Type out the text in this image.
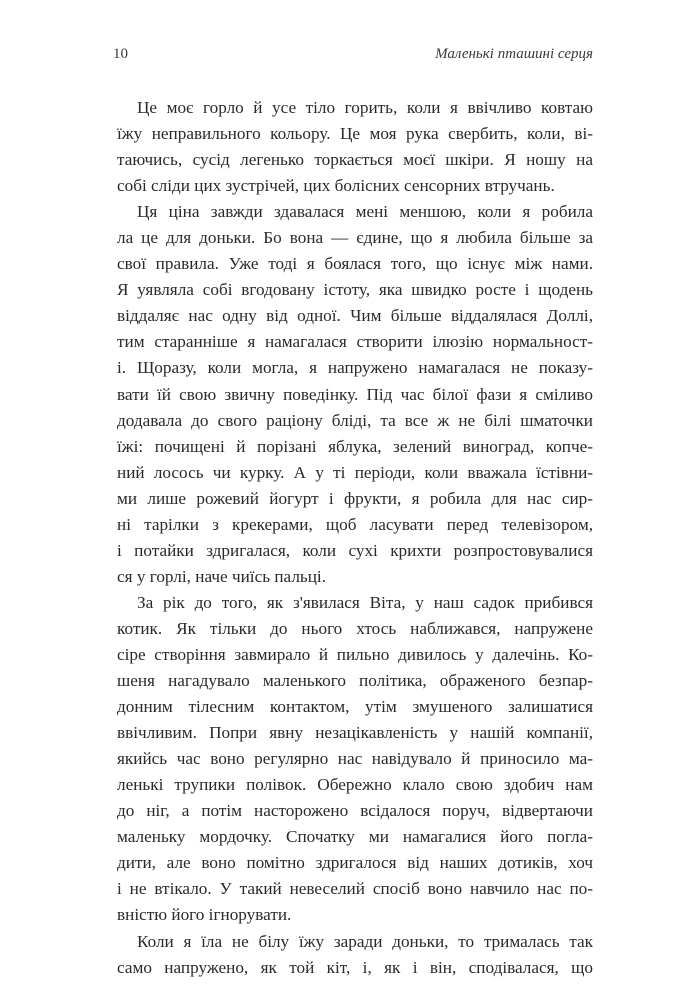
10	Маленькі пташині серця
Це моє горло й усе тіло горить, коли я ввічливо ковтаю
їжу неправильного кольору. Це моя рука свербить, коли, ві-
таючись, сусід легенько торкається моєї шкіри. Я ношу на
собі сліди цих зустрічей, цих болісних сенсорних втручань.
Ця ціна завжди здавалася мені меншою, коли я робила
ла це для доньки. Бо вона — єдине, що я любила більше за
свої правила. Уже тоді я боялася того, що існує між нами.
Я уявляла собі вгодовану істоту, яка швидко росте і щодень
віддаляє нас одну від одної. Чим більше віддалялася Доллі,
тим старанніше я намагалася створити ілюзію нормальност-
і. Щоразу, коли могла, я напружено намагалася не показу-
вати їй свою звичну поведінку. Під час білої фази я сміливо
додавала до свого раціону бліді, та все ж не білі шматочки
їжі: почищені й порізані яблука, зелений виноград, копче-
ний лосось чи курку. А у ті періоди, коли вважала їстівни-
ми лише рожевий йогурт і фрукти, я робила для нас сир-
ні тарілки з крекерами, щоб ласувати перед телевізором,
і потайки здригалася, коли сухі крихти розпростовувалися
ся у горлі, наче чиїсь пальці.
За рік до того, як з'явилася Віта, у наш садок прибився
котик. Як тільки до нього хтось наближався, напружене
сіре створіння завмирало й пильно дивилось у далечінь. Ко-
шеня нагадувало маленького політика, ображеного безпар-
донним тілесним контактом, утім змушеного залишатися
ввічливим. Попри явну незацікавленість у нашій компанії,
якийсь час воно регулярно нас навідувало й приносило ма-
ленькі трупики полівок. Обережно клало свою здобич нам
до ніг, а потім настороженo всідалося поруч, відвертаючи
маленьку мордочку. Спочатку ми намагалися його погла-
дити, але воно помітно здригалося від наших дотиків, хоч
і не втікало. У такий невеселий спосіб воно навчило нас по-
вністю його ігнорувати.
Коли я їла не білу їжу заради доньки, то трималась так
само напружено, як той кіт, і, як і він, сподівалася, що
